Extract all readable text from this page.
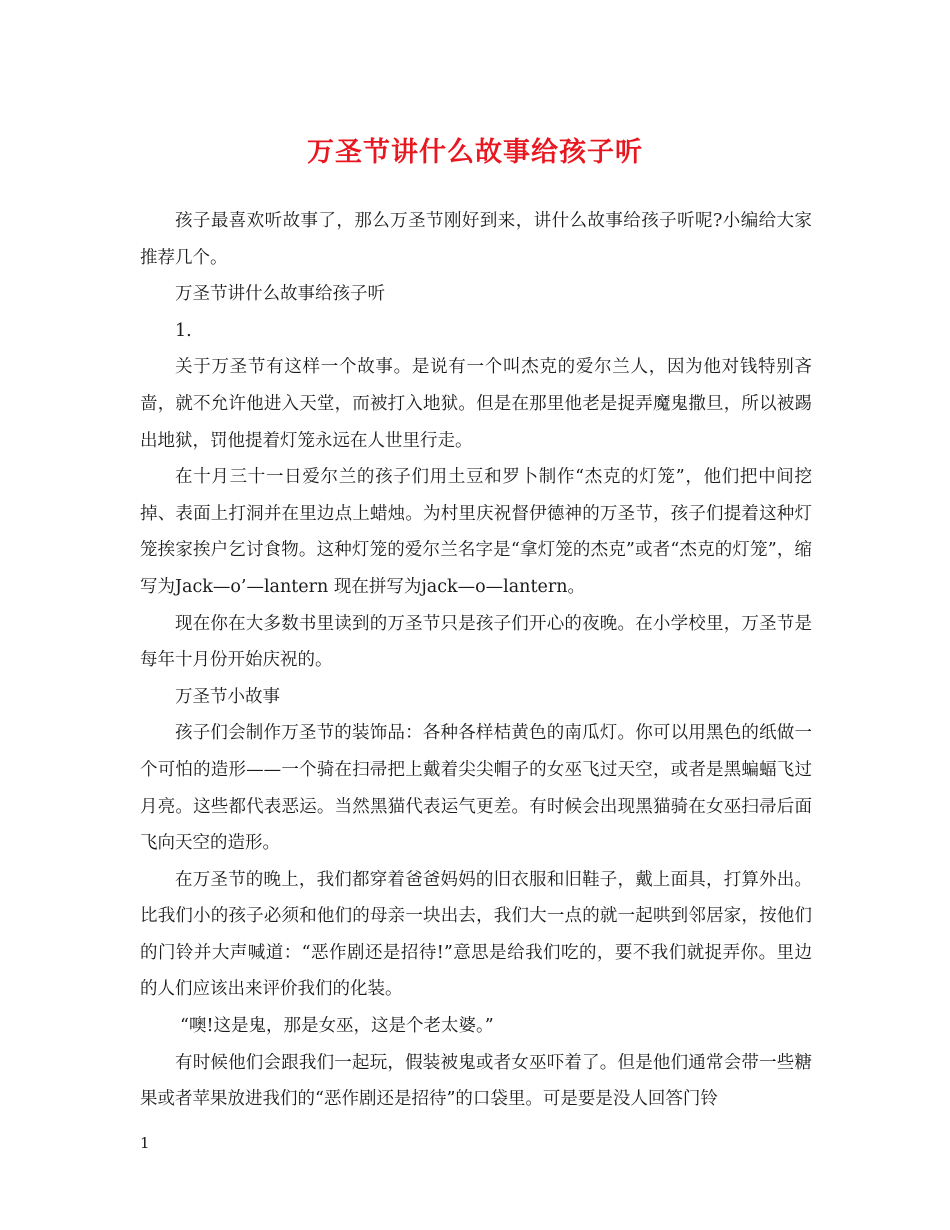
万圣节讲什么故事给孩子听

孩子最喜欢听故事了，那么万圣节刚好到来，讲什么故事给孩子听呢?小编给大家推荐几个。

万圣节讲什么故事给孩子听

1.

关于万圣节有这样一个故事。是说有一个叫杰克的爱尔兰人，因为他对钱特别吝啬，就不允许他进入天堂，而被打入地狱。但是在那里他老是捉弄魔鬼撒旦，所以被踢出地狱，罚他提着灯笼永远在人世里行走。

在十月三十一日爱尔兰的孩子们用土豆和罗卜制作“杰克的灯笼”，他们把中间挖掉、表面上打洞并在里边点上蜡烛。为村里庆祝督伊德神的万圣节，孩子们提着这种灯笼挨家挨户乞讨食物。这种灯笼的爱尔兰名字是“拿灯笼的杰克”或者“杰克的灯笼”，缩写为Jack—o’—lantern 现在拼写为jack—o—lantern。

现在你在大多数书里读到的万圣节只是孩子们开心的夜晚。在小学校里，万圣节是每年十月份开始庆祝的。

万圣节小故事

孩子们会制作万圣节的装饰品：各种各样桔黄色的南瓜灯。你可以用黑色的纸做一个可怕的造形——一个骑在扫帚把上戴着尖尖帽子的女巫飞过天空，或者是黑蝙蝠飞过月亮。这些都代表恶运。当然黑猫代表运气更差。有时候会出现黑猫骑在女巫扫帚后面飞向天空的造形。

在万圣节的晚上，我们都穿着爸爸妈妈的旧衣服和旧鞋子，戴上面具，打算外出。比我们小的孩子必须和他们的母亲一块出去，我们大一点的就一起哄到邻居家，按他们的门铃并大声喊道：“恶作剧还是招待!”意思是给我们吃的，要不我们就捉弄你。里边的人们应该出来评价我们的化装。

“噢!这是鬼，那是女巫，这是个老太婆。”

有时候他们会跟我们一起玩，假装被鬼或者女巫吓着了。但是他们通常会带一些糖果或者苹果放进我们的“恶作剧还是招待”的口袋里。可是要是没人回答门铃

1
